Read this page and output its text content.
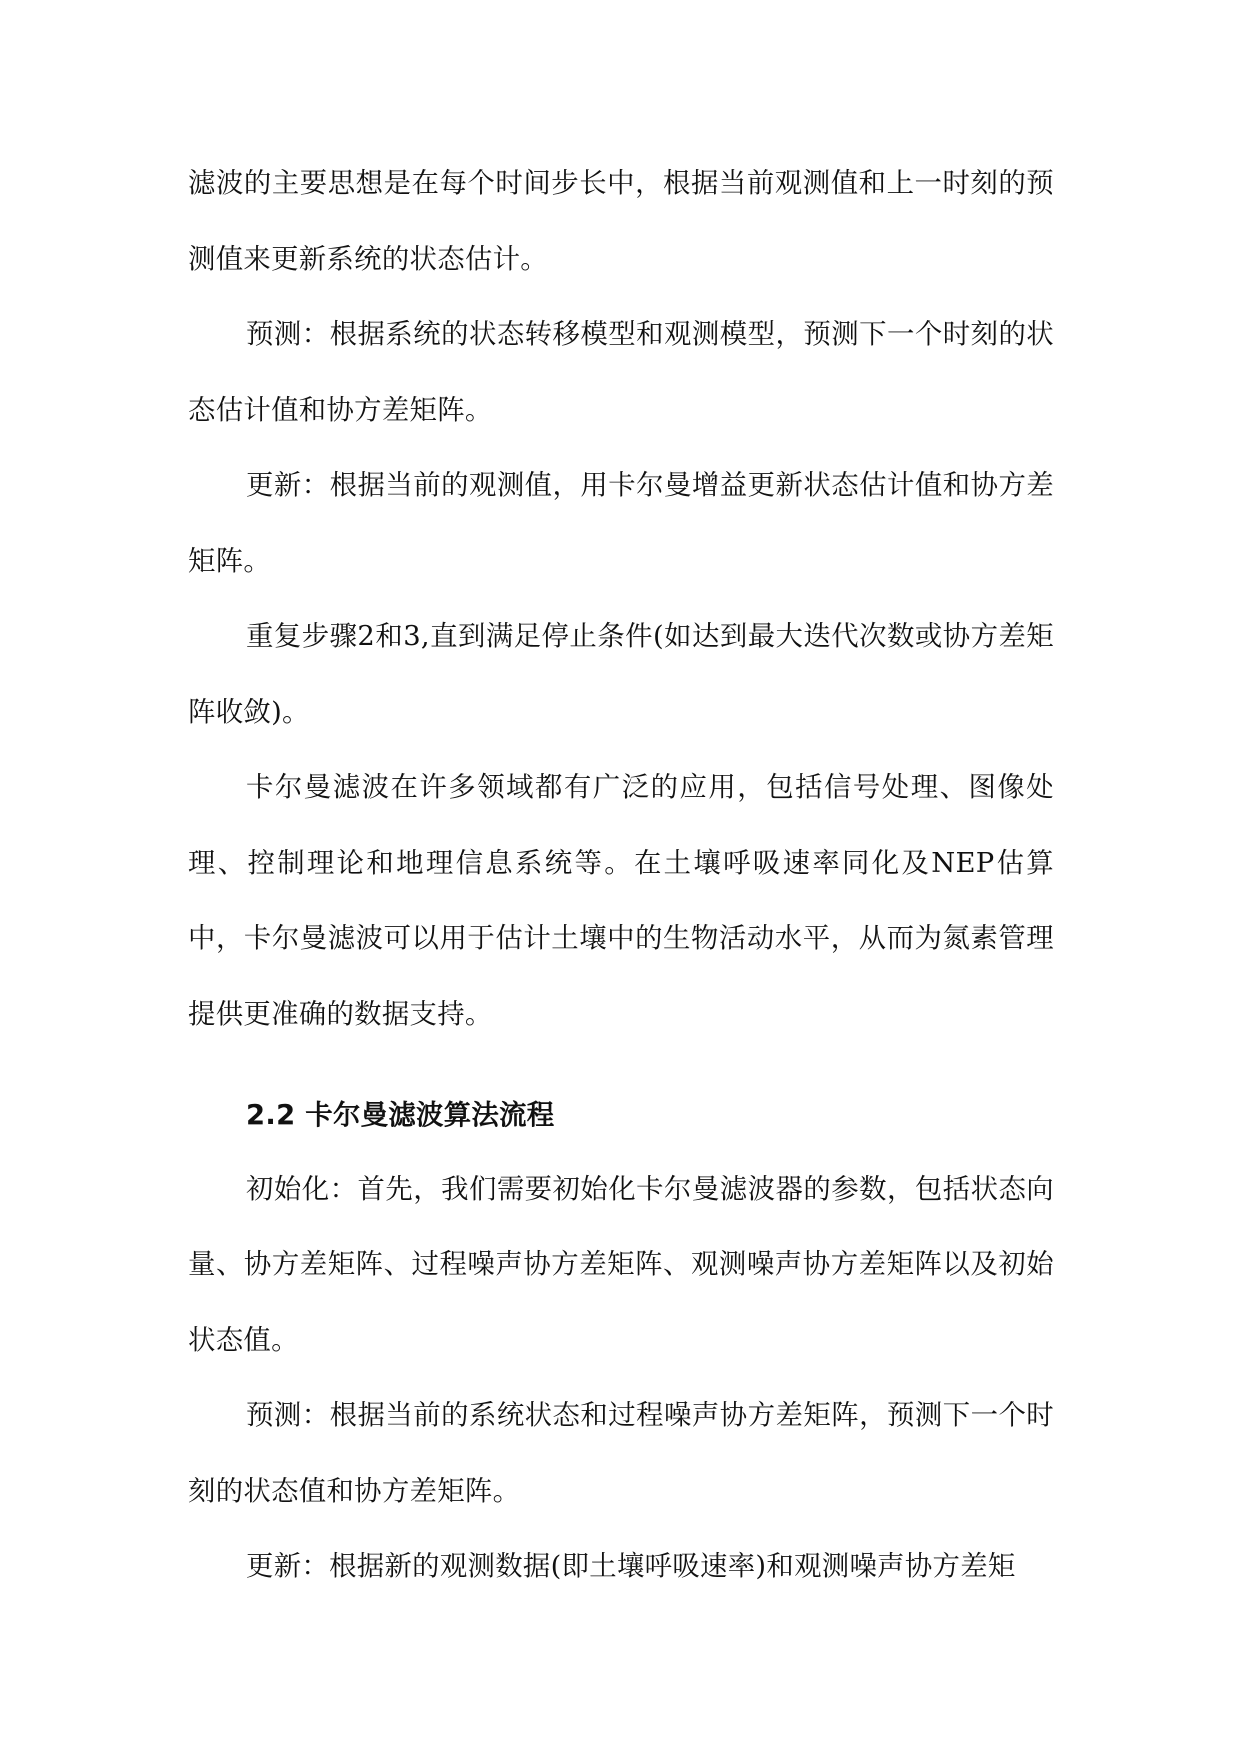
滤波的主要思想是在每个时间步长中，根据当前观测值和上一时刻的预测值来更新系统的状态估计。

预测：根据系统的状态转移模型和观测模型，预测下一个时刻的状态估计值和协方差矩阵。

更新：根据当前的观测值，用卡尔曼增益更新状态估计值和协方差矩阵。

重复步骤2和3,直到满足停止条件(如达到最大迭代次数或协方差矩阵收敛)。

卡尔曼滤波在许多领域都有广泛的应用，包括信号处理、图像处理、控制理论和地理信息系统等。在土壤呼吸速率同化及NEP估算中，卡尔曼滤波可以用于估计土壤中的生物活动水平，从而为氮素管理提供更准确的数据支持。

2.2 卡尔曼滤波算法流程

初始化：首先，我们需要初始化卡尔曼滤波器的参数，包括状态向量、协方差矩阵、过程噪声协方差矩阵、观测噪声协方差矩阵以及初始状态值。

预测：根据当前的系统状态和过程噪声协方差矩阵，预测下一个时刻的状态值和协方差矩阵。

更新：根据新的观测数据(即土壤呼吸速率)和观测噪声协方差矩
